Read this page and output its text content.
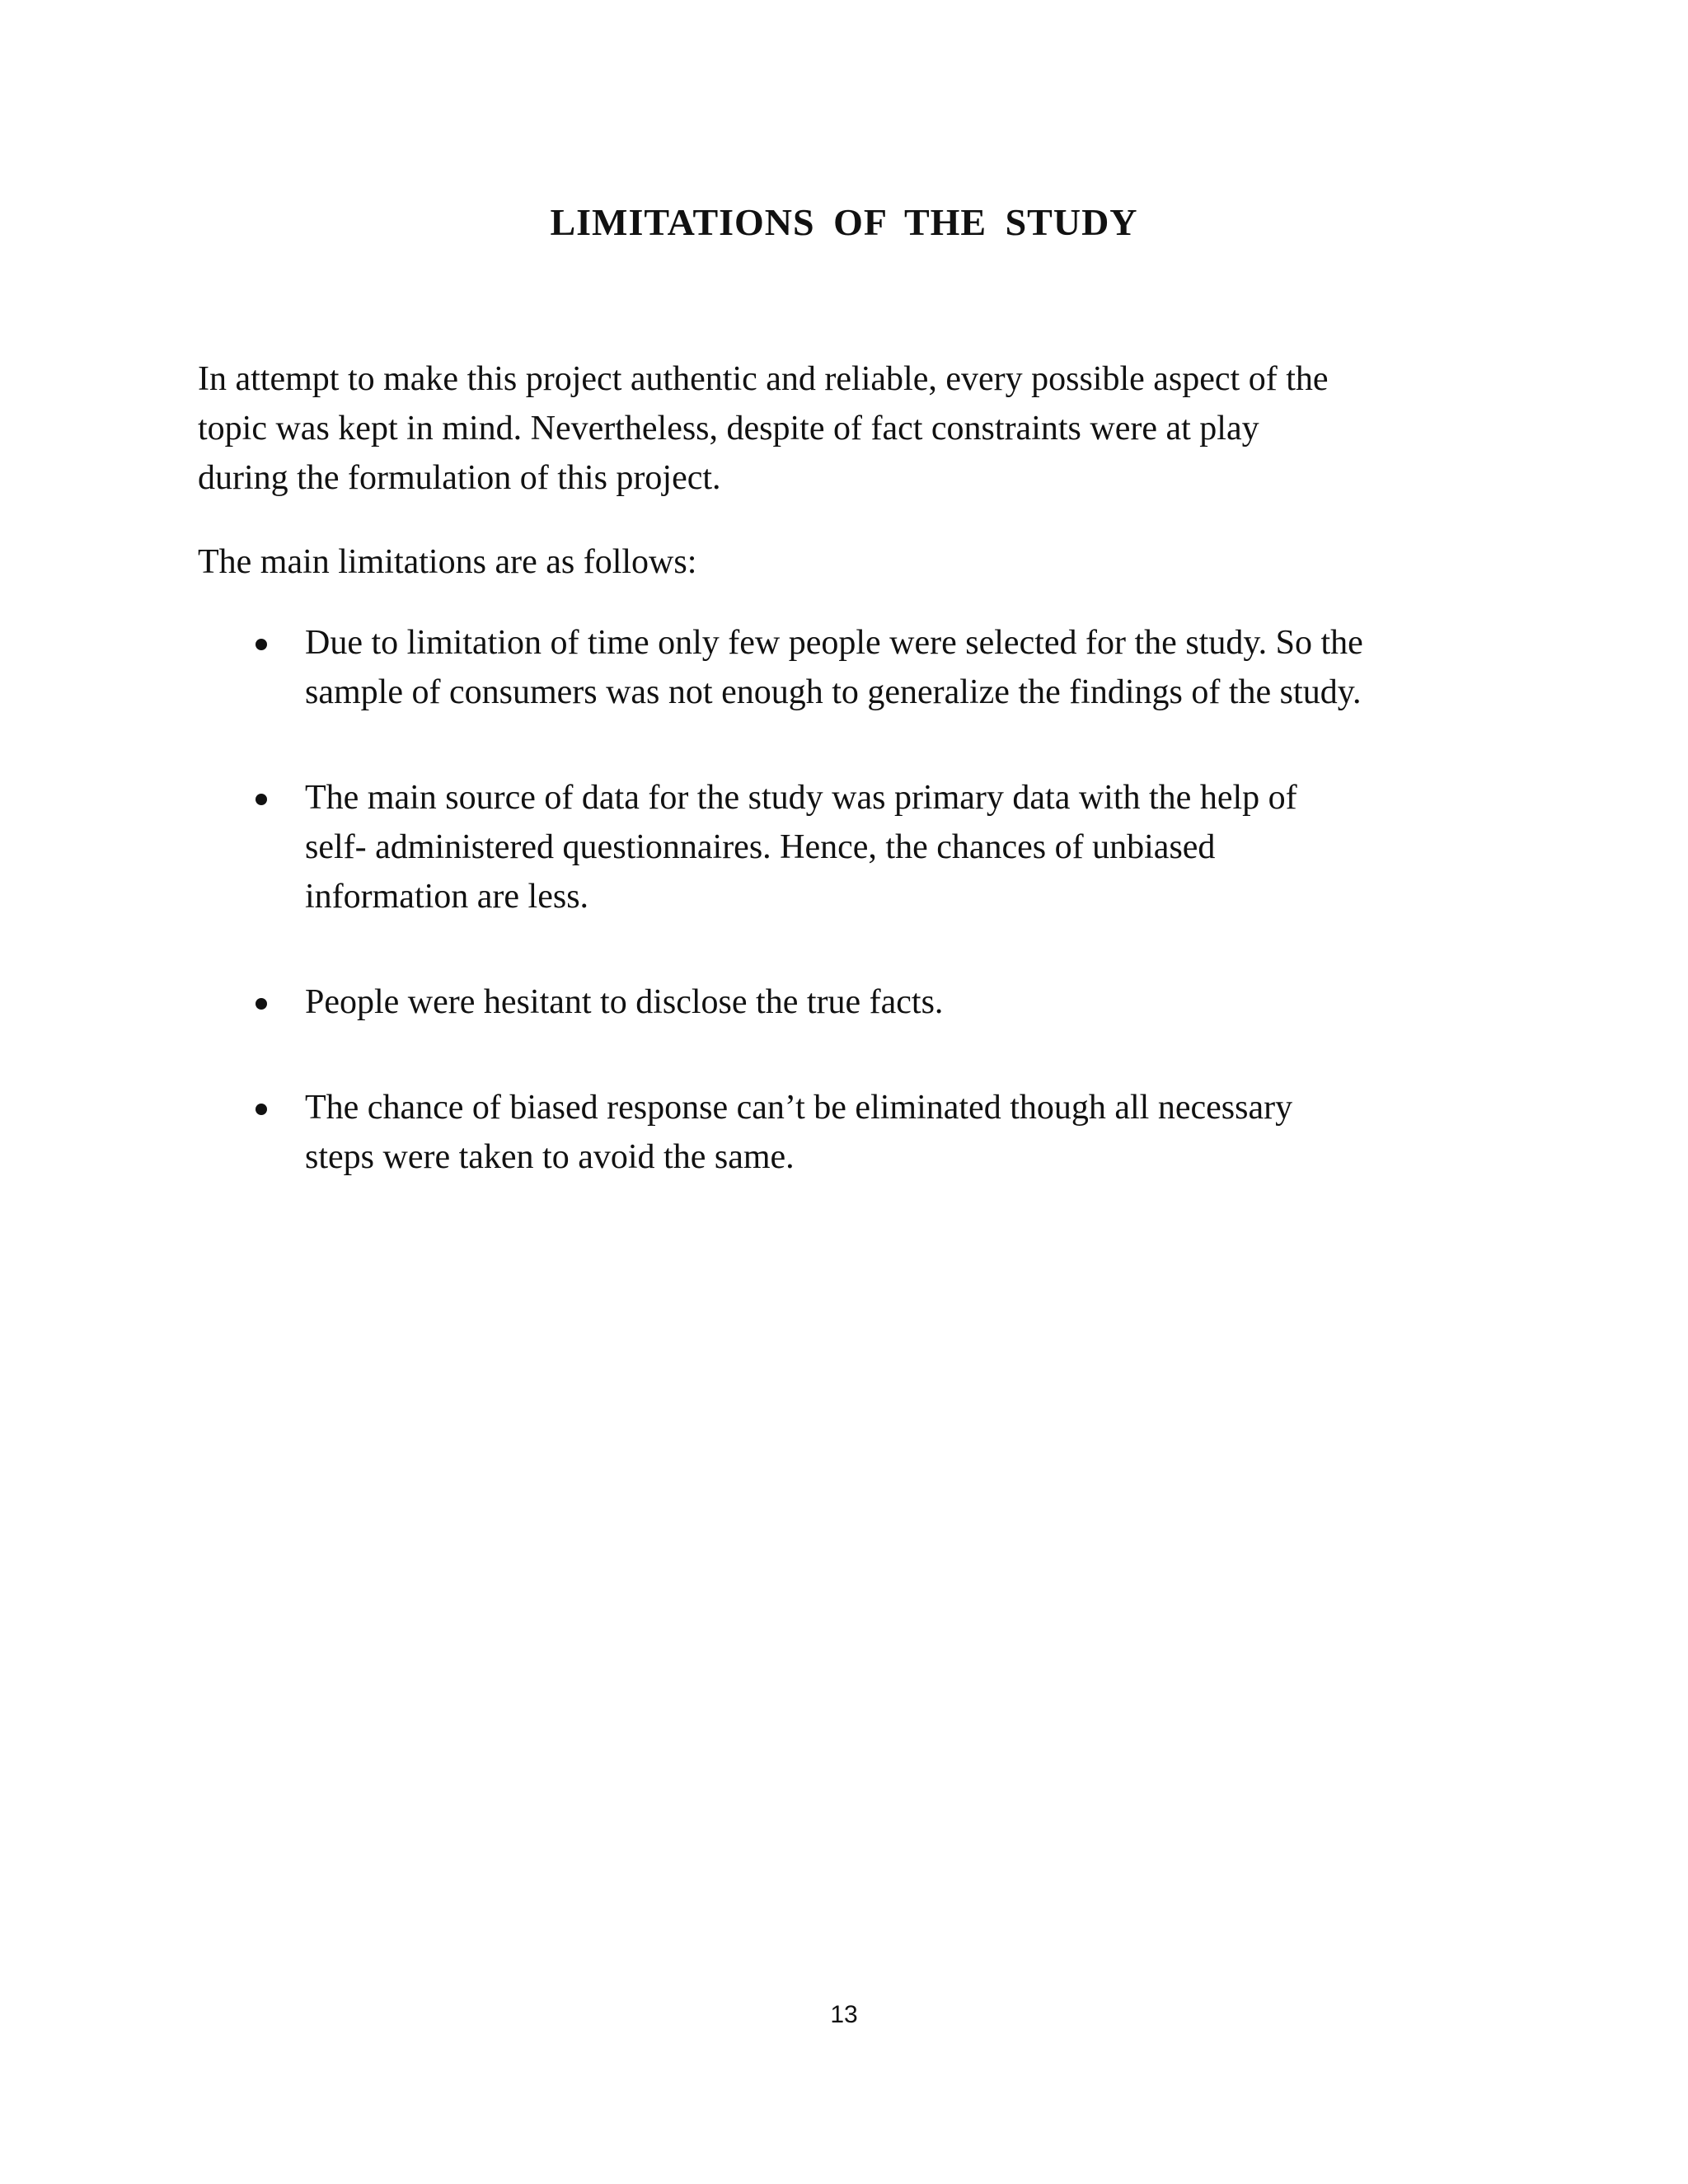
LIMITATIONS OF THE STUDY

In attempt to make this project authentic and reliable, every possible aspect of the
topic was kept in mind. Nevertheless, despite of fact constraints were at play
during the formulation of this project.

The main limitations are as follows:

Due to limitation of time only few people were selected for the study. So the
sample of consumers was not enough to generalize the findings of the study.
The main source of data for the study was primary data with the help of
self- administered questionnaires. Hence, the chances of unbiased
information are less.
People were hesitant to disclose the true facts.
The chance of biased response can’t be eliminated though all necessary
steps were taken to avoid the same.
13
